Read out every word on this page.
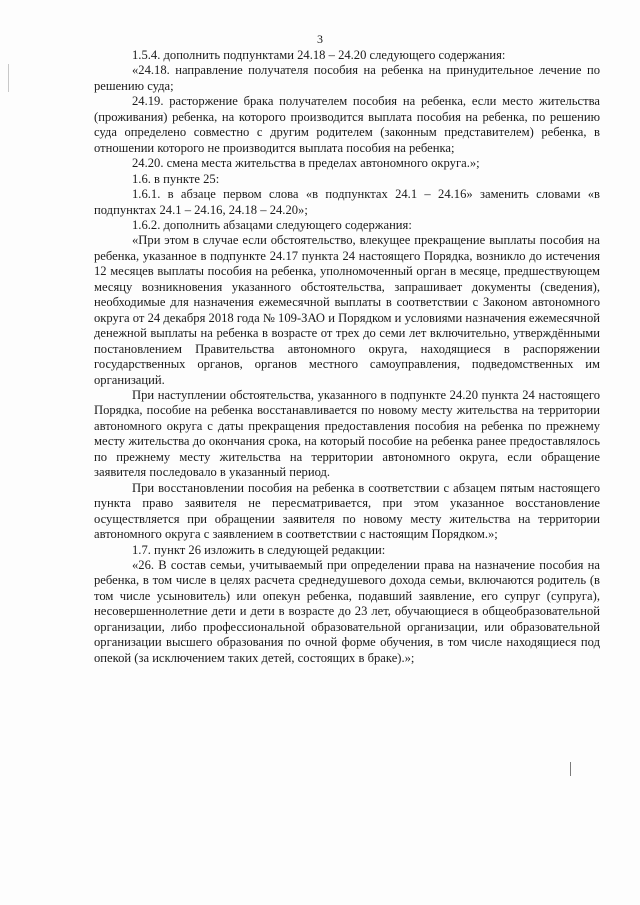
3

1.5.4. дополнить подпунктами 24.18 – 24.20 следующего содержания:

«24.18. направление получателя пособия на ребенка на принудительное лечение по решению суда;

24.19. расторжение брака получателем пособия на ребенка, если место жительства (проживания) ребенка, на которого производится выплата пособия на ребенка, по решению суда определено совместно с другим родителем (законным представителем) ребенка, в отношении которого не производится выплата пособия на ребенка;

24.20. смена места жительства в пределах автономного округа.»;

1.6. в пункте 25:

1.6.1. в абзаце первом слова «в подпунктах 24.1 – 24.16» заменить словами «в подпунктах 24.1 – 24.16, 24.18 – 24.20»;

1.6.2. дополнить абзацами следующего содержания:

«При этом в случае если обстоятельство, влекущее прекращение выплаты пособия на ребенка, указанное в подпункте 24.17 пункта 24 настоящего Порядка, возникло до истечения 12 месяцев выплаты пособия на ребенка, уполномоченный орган в месяце, предшествующем месяцу возникновения указанного обстоятельства, запрашивает документы (сведения), необходимые для назначения ежемесячной выплаты в соответствии с Законом автономного округа от 24 декабря 2018 года № 109-ЗАО и Порядком и условиями назначения ежемесячной денежной выплаты на ребенка в возрасте от трех до семи лет включительно, утверждёнными постановлением Правительства автономного округа, находящиеся в распоряжении государственных органов, органов местного самоуправления, подведомственных им организаций.

При наступлении обстоятельства, указанного в подпункте 24.20 пункта 24 настоящего Порядка, пособие на ребенка восстанавливается по новому месту жительства на территории автономного округа с даты прекращения предоставления пособия на ребенка по прежнему месту жительства до окончания срока, на который пособие на ребенка ранее предоставлялось по прежнему месту жительства на территории автономного округа, если обращение заявителя последовало в указанный период.

При восстановлении пособия на ребенка в соответствии с абзацем пятым настоящего пункта право заявителя не пересматривается, при этом указанное восстановление осуществляется при обращении заявителя по новому месту жительства на территории автономного округа с заявлением в соответствии с настоящим Порядком.»;

1.7. пункт 26 изложить в следующей редакции:

«26. В состав семьи, учитываемый при определении права на назначение пособия на ребенка, в том числе в целях расчета среднедушевого дохода семьи, включаются родитель (в том числе усыновитель) или опекун ребенка, подавший заявление, его супруг (супруга), несовершеннолетние дети и дети в возрасте до 23 лет, обучающиеся в общеобразовательной организации, либо профессиональной образовательной организации, или образовательной организации высшего образования по очной форме обучения, в том числе находящиеся под опекой (за исключением таких детей, состоящих в браке).»;
